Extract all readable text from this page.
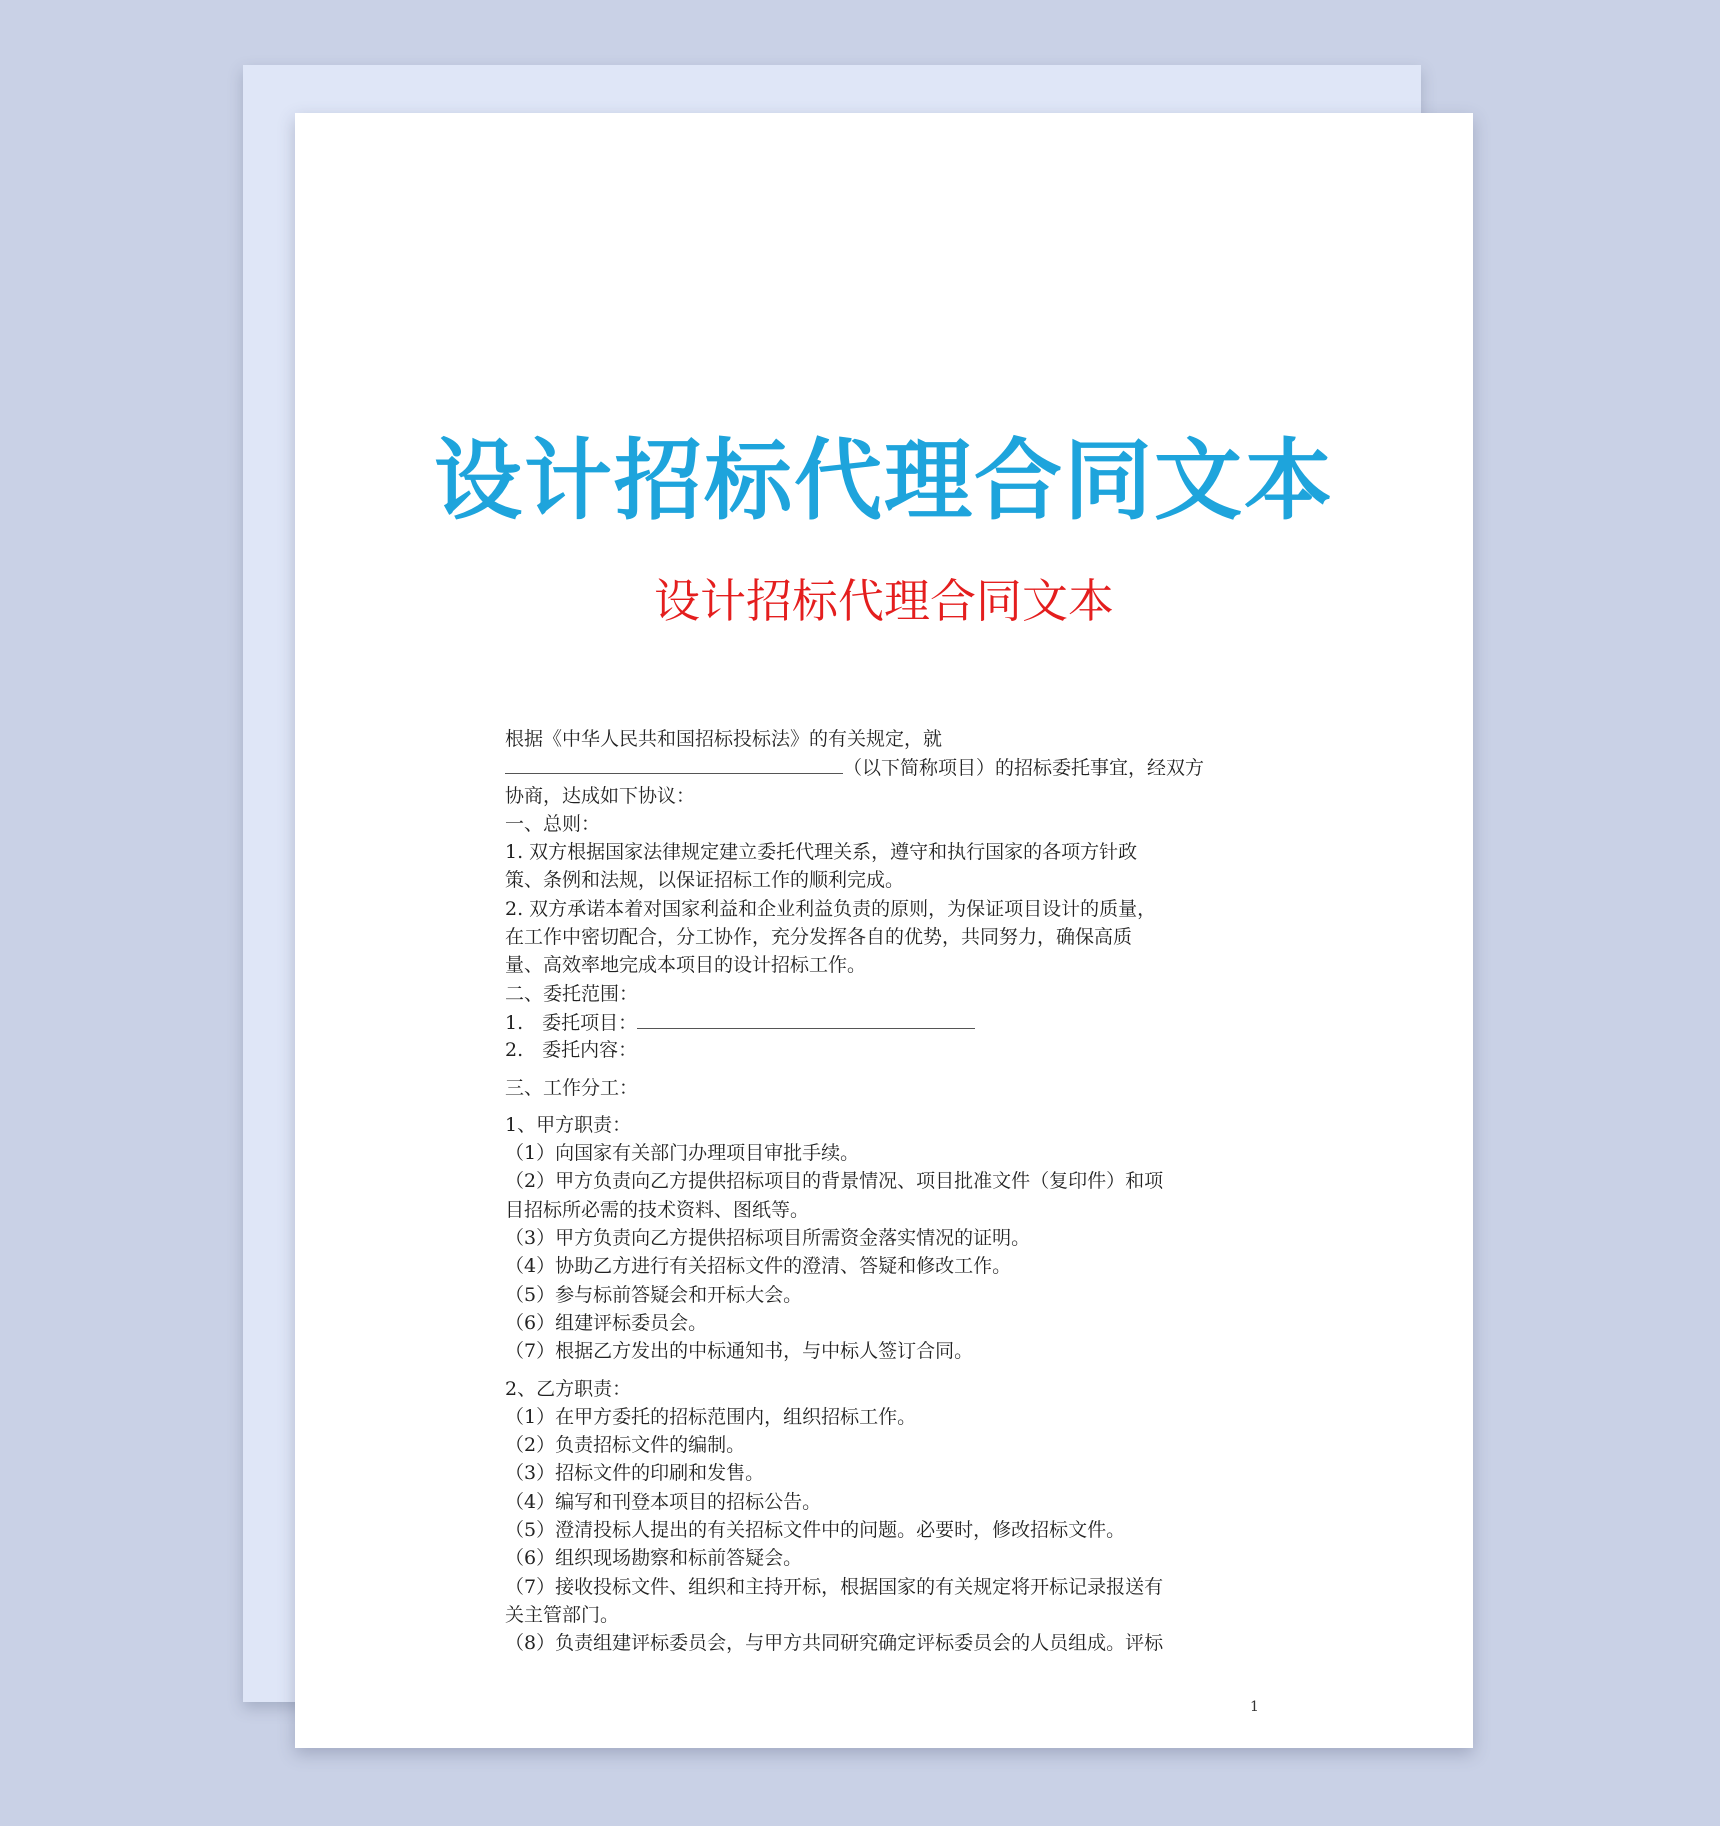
设计招标代理合同文本
设计招标代理合同文本
根据《中华人民共和国招标投标法》的有关规定，就
（以下简称项目）的招标委托事宜，经双方
协商，达成如下协议：
一、总则：
1. 双方根据国家法律规定建立委托代理关系，遵守和执行国家的各项方针政
策、条例和法规，以保证招标工作的顺利完成。
2. 双方承诺本着对国家利益和企业利益负责的原则，为保证项目设计的质量，
在工作中密切配合，分工协作，充分发挥各自的优势，共同努力，确保高质
量、高效率地完成本项目的设计招标工作。
二、委托范围：
1.　委托项目：
2.　委托内容：
三、工作分工：
1、甲方职责：
（1）向国家有关部门办理项目审批手续。
（2）甲方负责向乙方提供招标项目的背景情况、项目批准文件（复印件）和项
目招标所必需的技术资料、图纸等。
（3）甲方负责向乙方提供招标项目所需资金落实情况的证明。
（4）协助乙方进行有关招标文件的澄清、答疑和修改工作。
（5）参与标前答疑会和开标大会。
（6）组建评标委员会。
（7）根据乙方发出的中标通知书，与中标人签订合同。
2、乙方职责：
（1）在甲方委托的招标范围内，组织招标工作。
（2）负责招标文件的编制。
（3）招标文件的印刷和发售。
（4）编写和刊登本项目的招标公告。
（5）澄清投标人提出的有关招标文件中的问题。必要时，修改招标文件。
（6）组织现场勘察和标前答疑会。
（7）接收投标文件、组织和主持开标，根据国家的有关规定将开标记录报送有
关主管部门。
（8）负责组建评标委员会，与甲方共同研究确定评标委员会的人员组成。评标
1
